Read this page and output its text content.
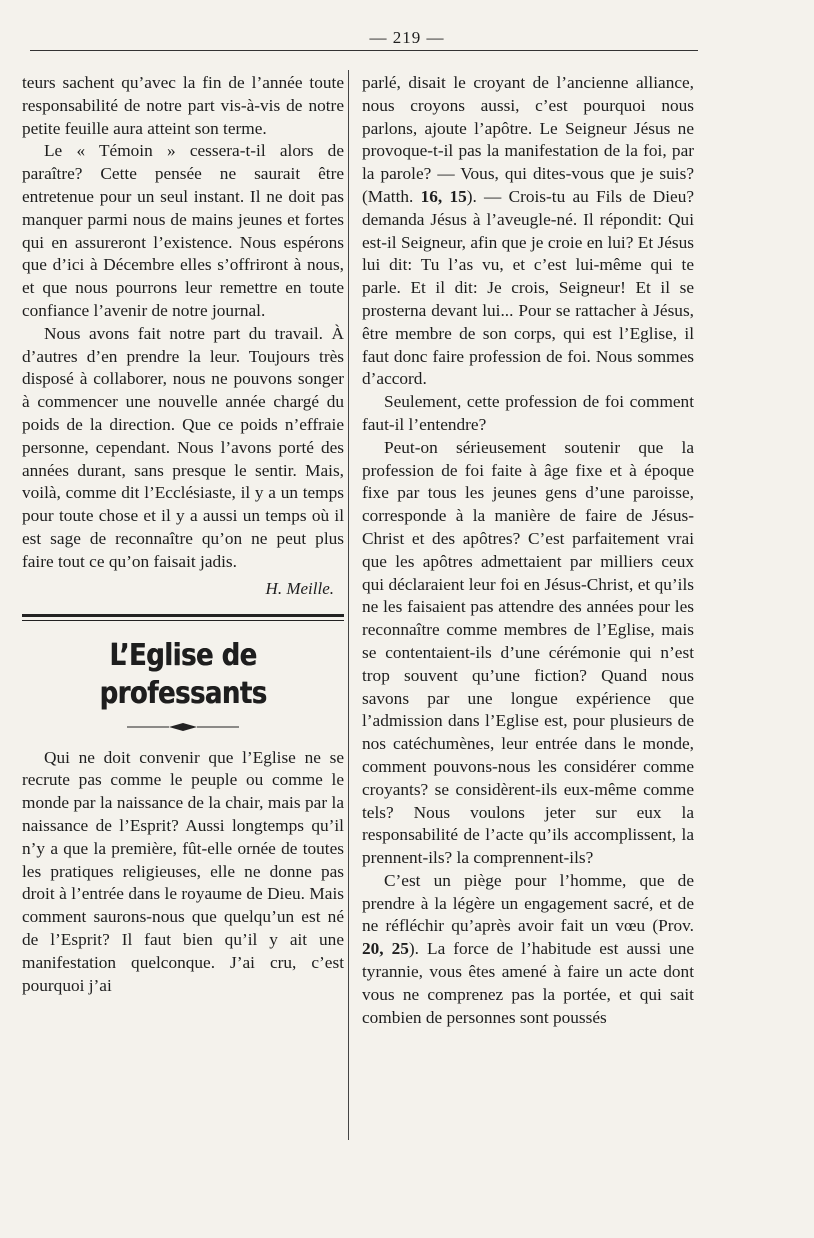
— 219 —

teurs sachent qu’avec la fin de l’année toute responsabilité de notre part vis-à-vis de notre petite feuille aura atteint son terme.

Le « Témoin » cessera-t-il alors de paraître? Cette pensée ne saurait être entretenue pour un seul instant. Il ne doit pas manquer parmi nous de mains jeunes et fortes qui en assureront l’existence. Nous espérons que d’ici à Décembre elles s’offriront à nous, et que nous pourrons leur remettre en toute confiance l’avenir de notre journal.

Nous avons fait notre part du travail. À d’autres d’en prendre la leur. Toujours très disposé à collaborer, nous ne pouvons songer à commencer une nouvelle année chargé du poids de la direction. Que ce poids n’effraie personne, cependant. Nous l’avons porté des années durant, sans presque le sentir. Mais, voilà, comme dit l’Ecclésiaste, il y a un temps pour toute chose et il y a aussi un temps où il est sage de reconnaître qu’on ne peut plus faire tout ce qu’on faisait jadis.

H. Meille.
L’Eglise de professants

Qui ne doit convenir que l’Eglise ne se recrute pas comme le peuple ou comme le monde par la naissance de la chair, mais par la naissance de l’Esprit? Aussi longtemps qu’il n’y a que la première, fût-elle ornée de toutes les pratiques religieuses, elle ne donne pas droit à l’entrée dans le royaume de Dieu. Mais comment saurons-nous que quelqu’un est né de l’Esprit? Il faut bien qu’il y ait une manifestation quelconque. J’ai cru, c’est pourquoi j’ai

parlé, disait le croyant de l’ancienne alliance, nous croyons aussi, c’est pourquoi nous parlons, ajoute l’apôtre. Le Seigneur Jésus ne provoque-t-il pas la manifestation de la foi, par la parole? — Vous, qui dites-vous que je suis? (Matth. 16, 15). — Crois-tu au Fils de Dieu? demanda Jésus à l’aveugle-né. Il répondit: Qui est-il Seigneur, afin que je croie en lui? Et Jésus lui dit: Tu l’as vu, et c’est lui-même qui te parle. Et il dit: Je crois, Seigneur! Et il se prosterna devant lui... Pour se rattacher à Jésus, être membre de son corps, qui est l’Eglise, il faut donc faire profession de foi. Nous sommes d’accord.

Seulement, cette profession de foi comment faut-il l’entendre?

Peut-on sérieusement soutenir que la profession de foi faite à âge fixe et à époque fixe par tous les jeunes gens d’une paroisse, corresponde à la manière de faire de Jésus-Christ et des apôtres? C’est parfaitement vrai que les apôtres admettaient par milliers ceux qui déclaraient leur foi en Jésus-Christ, et qu’ils ne les faisaient pas attendre des années pour les reconnaître comme membres de l’Eglise, mais se contentaient-ils d’une cérémonie qui n’est trop souvent qu’une fiction? Quand nous savons par une longue expérience que l’admission dans l’Eglise est, pour plusieurs de nos catéchumènes, leur entrée dans le monde, comment pouvons-nous les considérer comme croyants? se considèrent-ils eux-même comme tels? Nous voulons jeter sur eux la responsabilité de l’acte qu’ils accomplissent, la prennent-ils? la comprennent-ils?

C’est un piège pour l’homme, que de prendre à la légère un engagement sacré, et de ne réfléchir qu’après avoir fait un vœu (Prov. 20, 25). La force de l’habitude est aussi une tyrannie, vous êtes amené à faire un acte dont vous ne comprenez pas la portée, et qui sait combien de personnes sont poussés
